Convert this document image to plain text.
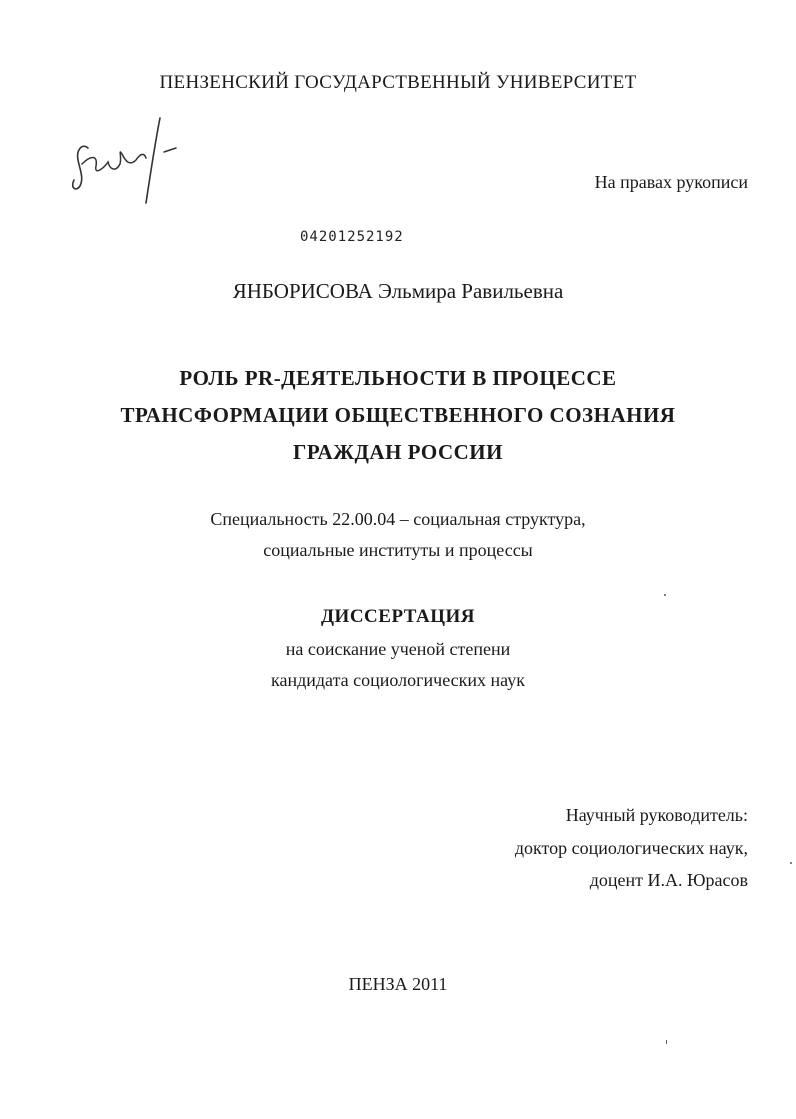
ПЕНЗЕНСКИЙ ГОСУДАРСТВЕННЫЙ УНИВЕРСИТЕТ
На правах рукописи
04201252192
ЯНБОРИСОВА Эльмира Равильевна
РОЛЬ PR-ДЕЯТЕЛЬНОСТИ В ПРОЦЕССЕ
ТРАНСФОРМАЦИИ ОБЩЕСТВЕННОГО СОЗНАНИЯ
ГРАЖДАН РОССИИ
Специальность 22.00.04 – социальная структура,
социальные институты и процессы
ДИССЕРТАЦИЯ
на соискание ученой степени
кандидата социологических наук
Научный руководитель:
доктор социологических наук,
доцент И.А. Юрасов
ПЕНЗА 2011
